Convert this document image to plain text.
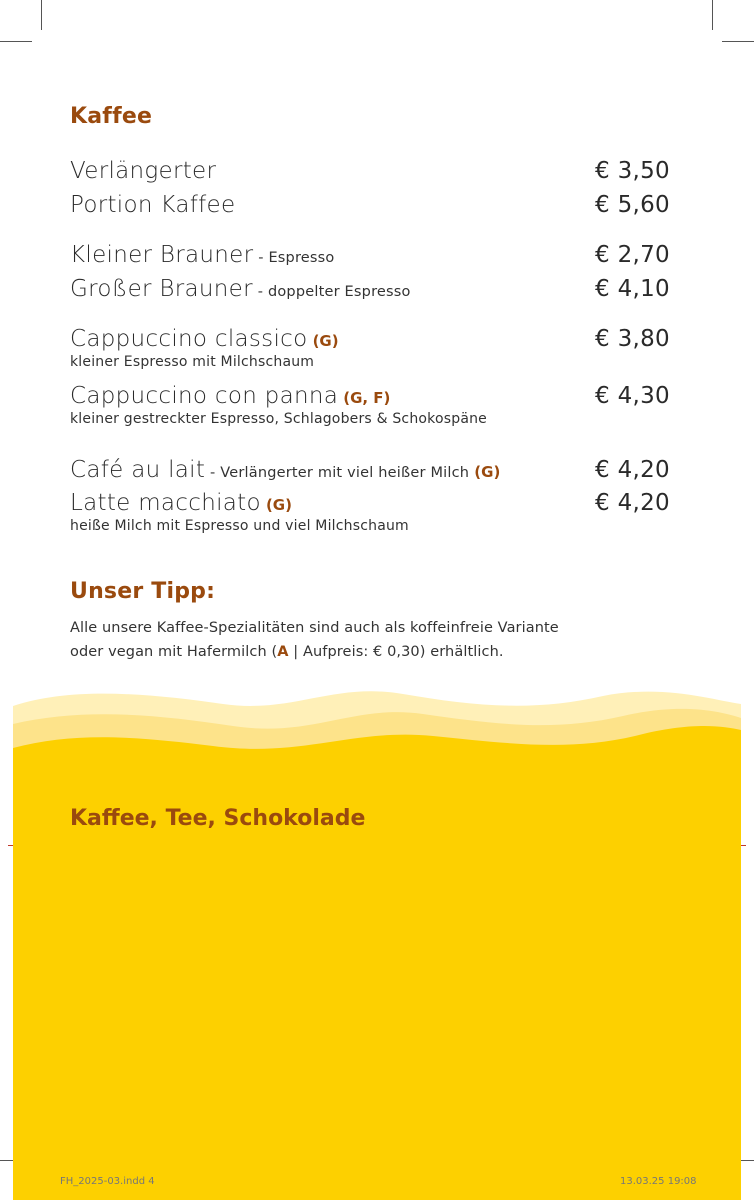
Kaffee
Verlängerter	€ 3,50
Portion Kaffee	€ 5,60
Kleiner Brauner - Espresso	€ 2,70
Großer Brauner - doppelter Espresso	€ 4,10
Cappuccino classico (G)	€ 3,80
kleiner Espresso mit Milchschaum
Cappuccino con panna (G, F)	€ 4,30
kleiner gestreckter Espresso, Schlagobers & Schokospäne
Café au lait - Verlängerter mit viel heißer Milch (G)	€ 4,20
Latte macchiato (G)	€ 4,20
heiße Milch mit Espresso und viel Milchschaum
Unser Tipp:
Alle unsere Kaffee-Spezialitäten sind auch als koffeinfreie Variante
oder vegan mit Hafermilch (A | Aufpreis: € 0,30) erhältlich.
Kaffee, Tee, Schokolade
FH_2025-03.indd 4	13.03.25 19:08
